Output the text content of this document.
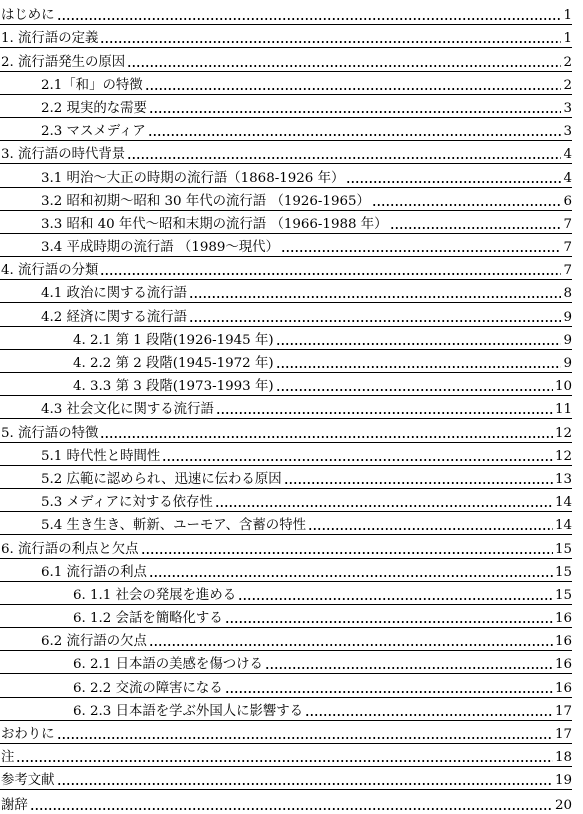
はじめに	1
1. 流行語の定義	1
2. 流行語発生の原因	2
2.1「和」の特徴	2
2.2 現実的な需要	3
2.3 マスメディア	3
3. 流行語の時代背景	4
3.1 明治～大正の時期の流行語（1868-1926 年）	4
3.2 昭和初期～昭和 30 年代の流行語 （1926-1965）	6
3.3 昭和 40 年代～昭和末期の流行語 （1966-1988 年）	7
3.4 平成時期の流行語 （1989～現代）	7
4. 流行語の分類	7
4.1 政治に関する流行語	8
4.2 経済に関する流行語	9
4. 2.1 第 1 段階(1926-1945 年)	9
4. 2.2 第 2 段階(1945-1972 年)	9
4. 3.3 第 3 段階(1973-1993 年)	10
4.3 社会文化に関する流行語	11
5. 流行語の特徴	12
5.1 時代性と時間性	12
5.2 広範に認められ、迅速に伝わる原因	13
5.3 メディアに対する依存性	14
5.4 生き生き、斬新、ユーモア、含蓄の特性	14
6. 流行語の利点と欠点	15
6.1 流行語の利点	15
6. 1.1 社会の発展を進める	15
6. 1.2 会話を簡略化する	16
6.2 流行語の欠点	16
6. 2.1 日本語の美感を傷つける	16
6. 2.2 交流の障害になる	16
6. 2.3 日本語を学ぶ外国人に影響する	17
おわりに	17
注	18
参考文献	19
謝辞	20
